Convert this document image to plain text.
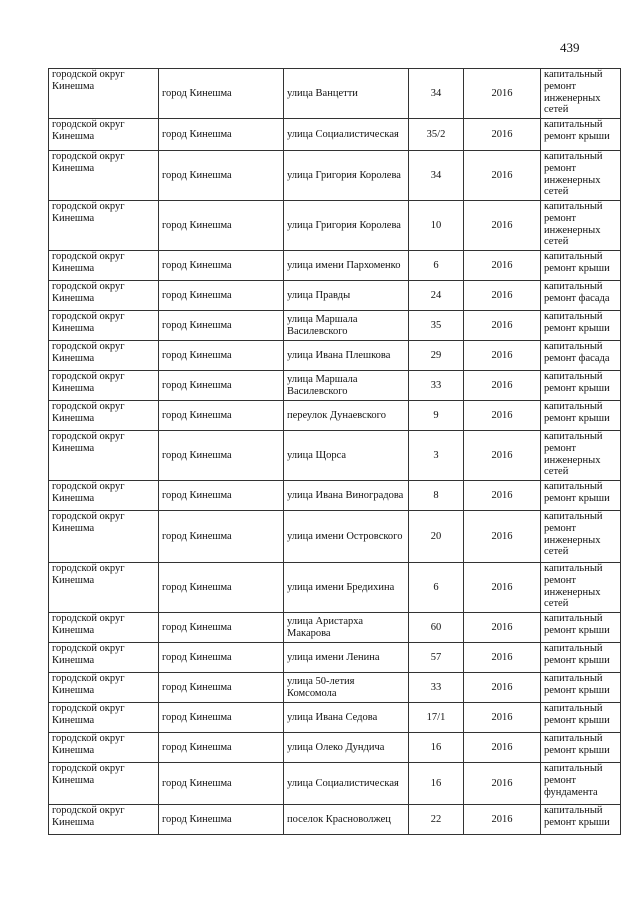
439
городской округ Кинешма	город Кинешма	улица Ванцетти	34	2016	капитальный ремонт инженерных сетей
городской округ Кинешма	город Кинешма	улица Социалистическая	35/2	2016	капитальный ремонт крыши
городской округ Кинешма	город Кинешма	улица Григория Королева	34	2016	капитальный ремонт инженерных сетей
городской округ Кинешма	город Кинешма	улица Григория Королева	10	2016	капитальный ремонт инженерных сетей
городской округ Кинешма	город Кинешма	улица имени Пархоменко	6	2016	капитальный ремонт крыши
городской округ Кинешма	город Кинешма	улица Правды	24	2016	капитальный ремонт фасада
городской округ Кинешма	город Кинешма	улица Маршала Василевского	35	2016	капитальный ремонт крыши
городской округ Кинешма	город Кинешма	улица Ивана Плешкова	29	2016	капитальный ремонт фасада
городской округ Кинешма	город Кинешма	улица Маршала Василевского	33	2016	капитальный ремонт крыши
городской округ Кинешма	город Кинешма	переулок Дунаевского	9	2016	капитальный ремонт крыши
городской округ Кинешма	город Кинешма	улица Щорса	3	2016	капитальный ремонт инженерных сетей
городской округ Кинешма	город Кинешма	улица Ивана Виноградова	8	2016	капитальный ремонт крыши
городской округ Кинешма	город Кинешма	улица имени Островского	20	2016	капитальный ремонт инженерных сетей
городской округ Кинешма	город Кинешма	улица имени Бредихина	6	2016	капитальный ремонт инженерных сетей
городской округ Кинешма	город Кинешма	улица Аристарха Макарова	60	2016	капитальный ремонт крыши
городской округ Кинешма	город Кинешма	улица имени Ленина	57	2016	капитальный ремонт крыши
городской округ Кинешма	город Кинешма	улица 50-летия Комсомола	33	2016	капитальный ремонт крыши
городской округ Кинешма	город Кинешма	улица Ивана Седова	17/1	2016	капитальный ремонт крыши
городской округ Кинешма	город Кинешма	улица Олеко Дундича	16	2016	капитальный ремонт крыши
городской округ Кинешма	город Кинешма	улица Социалистическая	16	2016	капитальный ремонт фундамента
городской округ Кинешма	город Кинешма	поселок Красноволжец	22	2016	капитальный ремонт крыши
